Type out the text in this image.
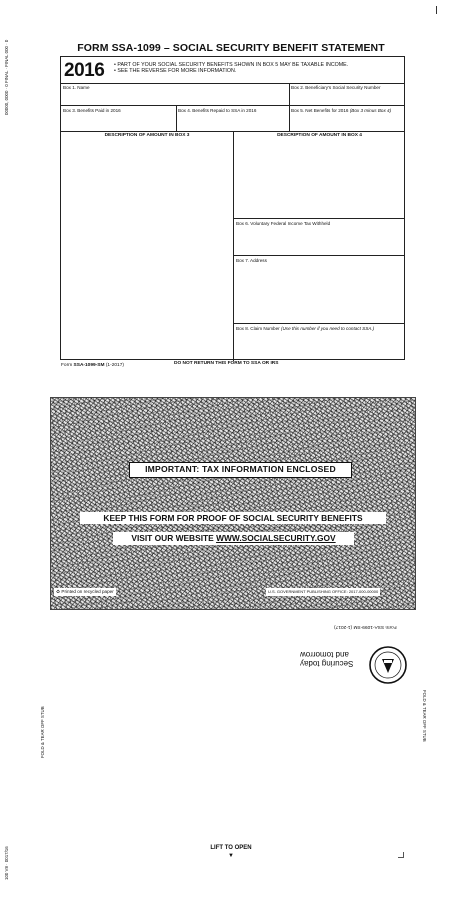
00000, 0000 · 0 FINAL · FINAL 000 · 0
100 V8 · 0017/16
FORM SSA-1099 – SOCIAL SECURITY BENEFIT STATEMENT
2016 • PART OF YOUR SOCIAL SECURITY BENEFITS SHOWN IN BOX 5 MAY BE TAXABLE INCOME.
• SEE THE REVERSE FOR MORE INFORMATION.
Box 1. Name	Box 2. Beneficiary's Social Security Number
Box 3. Benefits Paid in 2016	Box 4. Benefits Repaid to SSA in 2016	Box 5. Net Benefits for 2016 (Box 3 minus Box 4)
DESCRIPTION OF AMOUNT IN BOX 3	DESCRIPTION OF AMOUNT IN BOX 4
Box 6. Voluntary Federal Income Tax Withheld
Box 7. Address
Box 8. Claim Number (Use this number if you need to contact SSA.)
Form SSA-1099-SM (1-2017)	DO NOT RETURN THIS FORM TO SSA OR IRS
IMPORTANT: TAX INFORMATION ENCLOSED
KEEP THIS FORM FOR PROOF OF SOCIAL SECURITY BENEFITS
VISIT OUR WEBSITE WWW.SOCIALSECURITY.GOV
♻ Printed on recycled paper	U.S. GOVERNMENT PUBLISHING OFFICE: 2017-000-00000
Form SSA-1099-SM (1-2017)
Securing today
and tomorrow
FOLD & TEAR OFF STUB	FOLD & TEAR OFF STUB
LIFT TO OPEN
▼
